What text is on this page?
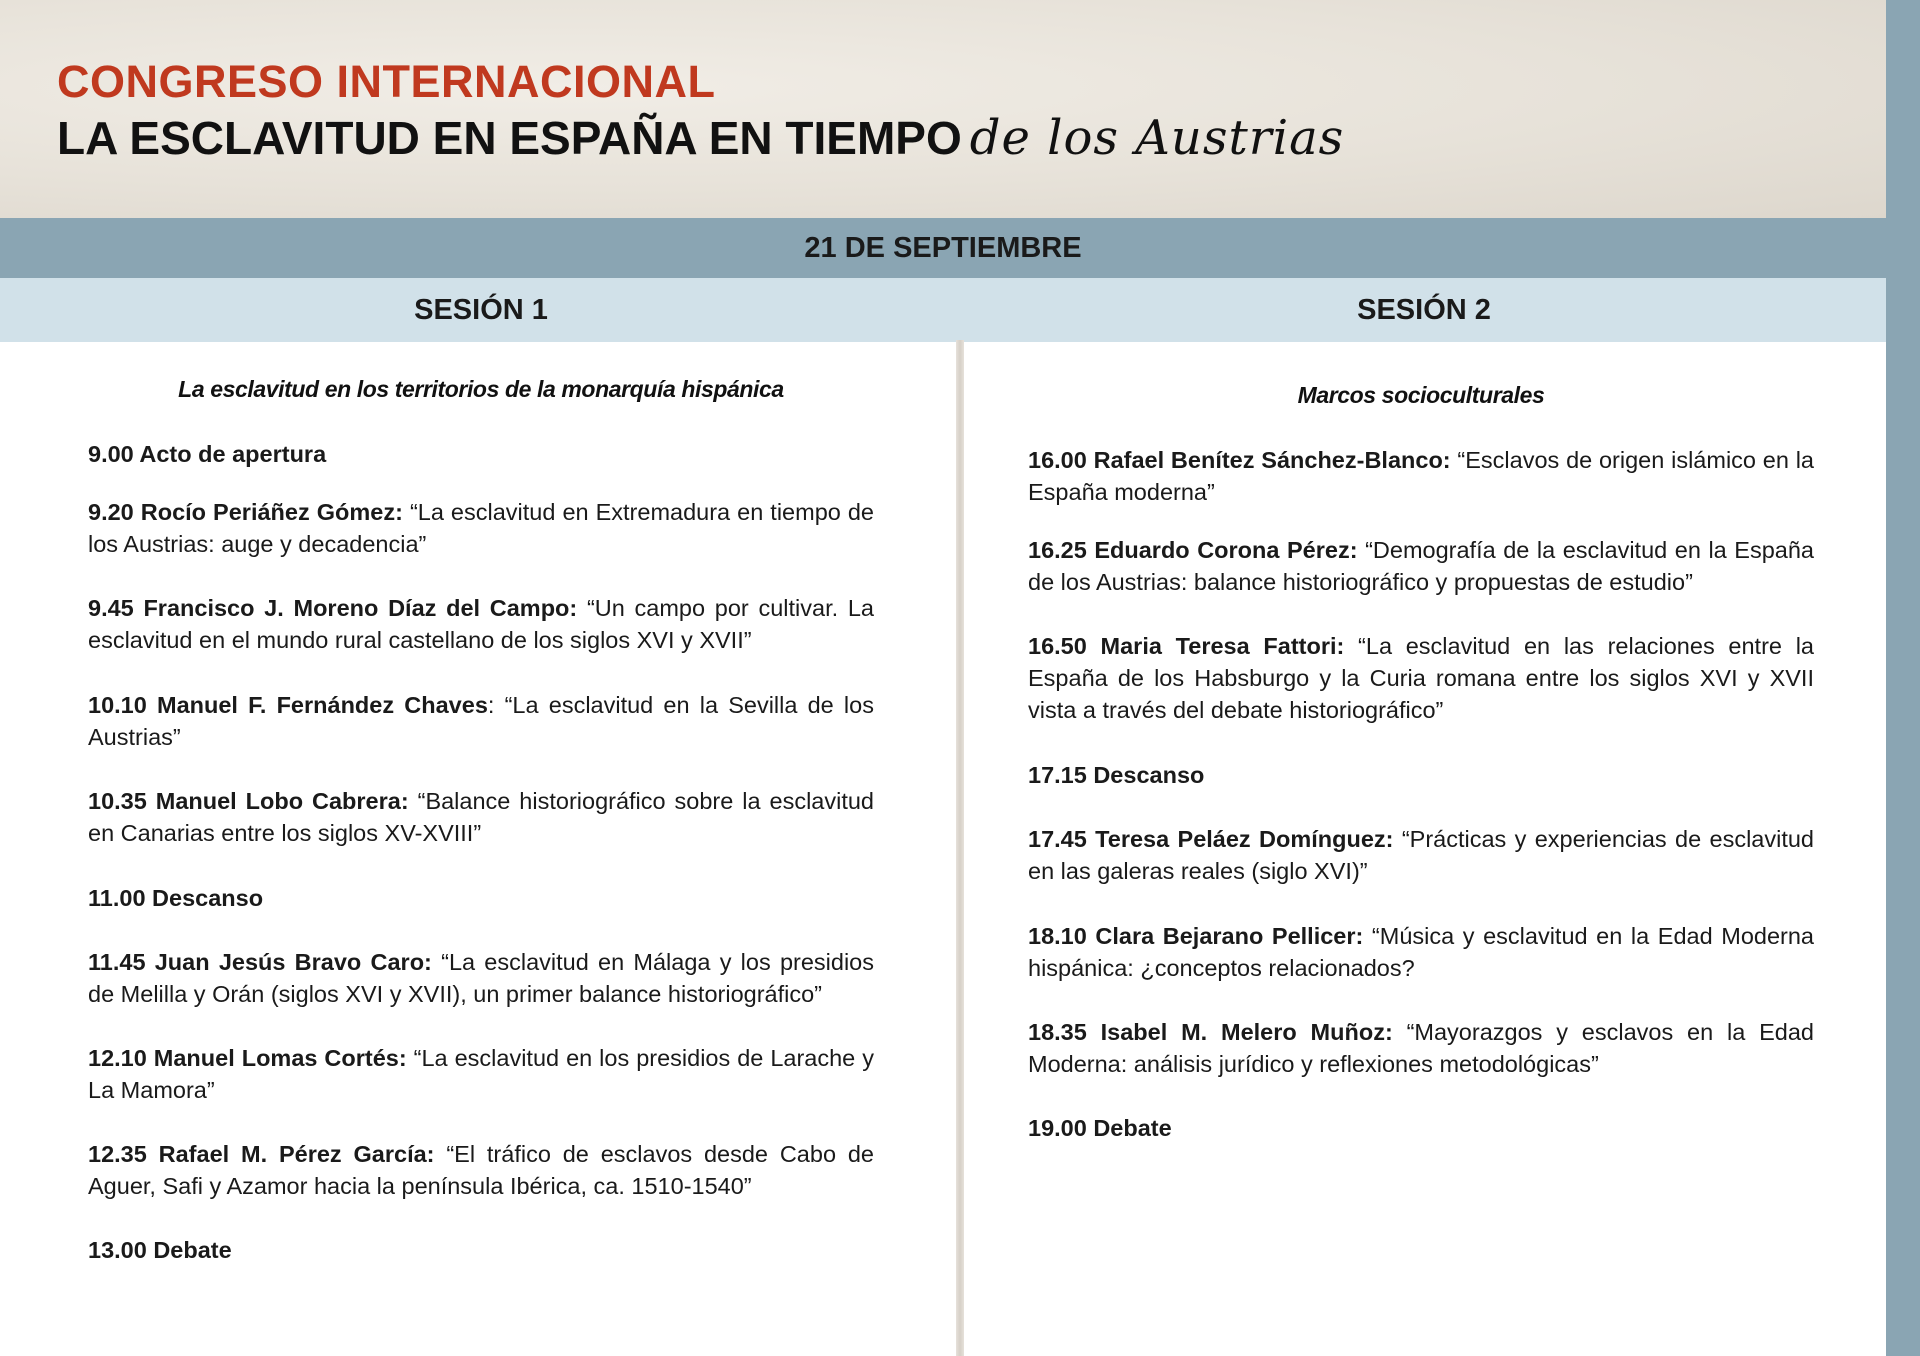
CONGRESO INTERNACIONAL
LA ESCLAVITUD EN ESPAÑA EN TIEMPO de los Austrias
21 DE SEPTIEMBRE
SESIÓN 1	SESIÓN 2
La esclavitud en los territorios de la monarquía hispánica	Marcos socioculturales
9.00 Acto de apertura
9.20 Rocío Periáñez Gómez: “La esclavitud en Extremadura en tiempo de los Austrias: auge y decadencia”
9.45 Francisco J. Moreno Díaz del Campo: “Un campo por cultivar. La esclavitud en el mundo rural castellano de los siglos XVI y XVII”
10.10 Manuel F. Fernández Chaves: “La esclavitud en la Sevilla de los Austrias”
10.35 Manuel Lobo Cabrera: “Balance historiográfico sobre la esclavitud en Canarias entre los siglos XV-XVIII”
11.00 Descanso
11.45 Juan Jesús Bravo Caro: “La esclavitud en Málaga y los presidios de Melilla y Orán (siglos XVI y XVII), un primer balance historiográfico”
12.10 Manuel Lomas Cortés: “La esclavitud en los presidios de Larache y La Mamora”
12.35 Rafael M. Pérez García: “El tráfico de esclavos desde Cabo de Aguer, Safi y Azamor hacia la península Ibérica, ca. 1510-1540”
13.00 Debate
16.00 Rafael Benítez Sánchez-Blanco: “Esclavos de origen islámico en la España moderna”
16.25 Eduardo Corona Pérez: “Demografía de la esclavitud en la España de los Austrias: balance historiográfico y propuestas de estudio”
16.50 Maria Teresa Fattori: “La esclavitud en las relaciones entre la España de los Habsburgo y la Curia romana entre los siglos XVI y XVII vista a través del debate historiográfico”
17.15 Descanso
17.45 Teresa Peláez Domínguez: “Prácticas y experiencias de esclavitud en las galeras reales (siglo XVI)”
18.10 Clara Bejarano Pellicer: “Música y esclavitud en la Edad Moderna hispánica: ¿conceptos relacionados?
18.35 Isabel M. Melero Muñoz: “Mayorazgos y esclavos en la Edad Moderna: análisis jurídico y reflexiones metodológicas”
19.00 Debate
